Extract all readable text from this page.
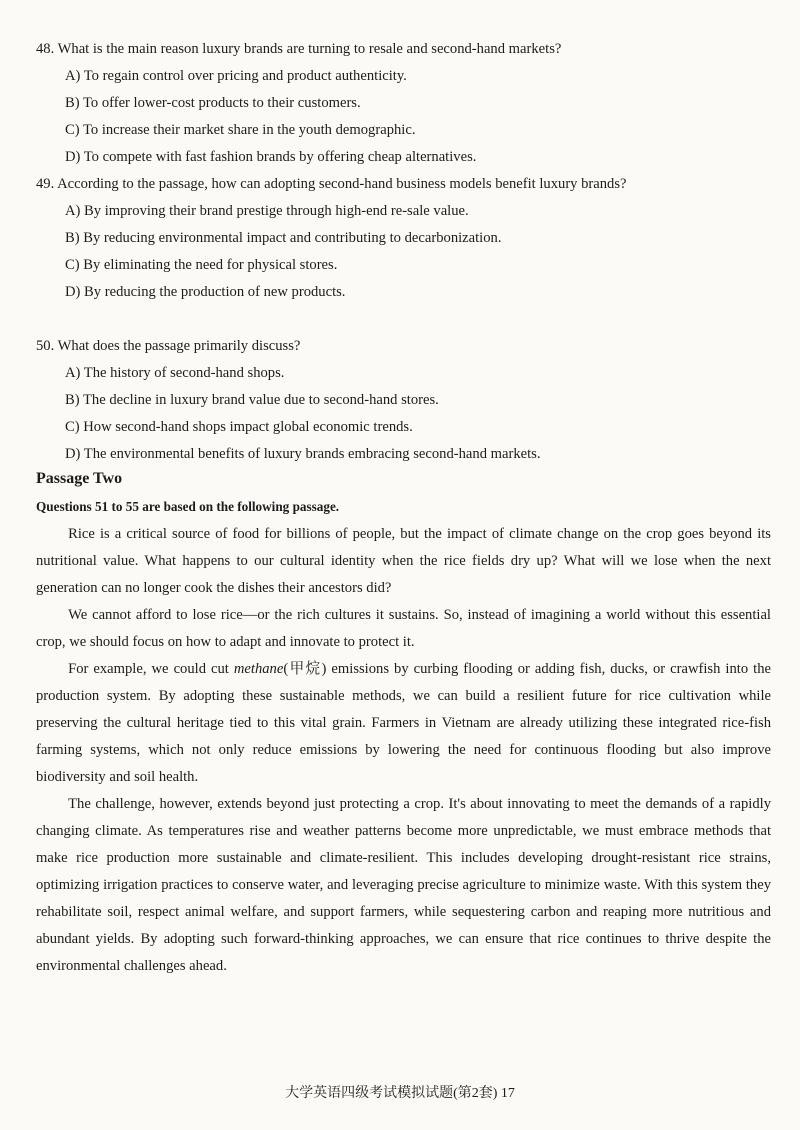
48. What is the main reason luxury brands are turning to resale and second-hand markets?
A) To regain control over pricing and product authenticity.
B) To offer lower-cost products to their customers.
C) To increase their market share in the youth demographic.
D) To compete with fast fashion brands by offering cheap alternatives.
49. According to the passage, how can adopting second-hand business models benefit luxury brands?
A) By improving their brand prestige through high-end re-sale value.
B) By reducing environmental impact and contributing to decarbonization.
C) By eliminating the need for physical stores.
D) By reducing the production of new products.
50. What does the passage primarily discuss?
A) The history of second-hand shops.
B) The decline in luxury brand value due to second-hand stores.
C) How second-hand shops impact global economic trends.
D) The environmental benefits of luxury brands embracing second-hand markets.
Passage Two
Questions 51 to 55 are based on the following passage.

Rice is a critical source of food for billions of people, but the impact of climate change on the crop goes beyond its nutritional value. What happens to our cultural identity when the rice fields dry up? What will we lose when the next generation can no longer cook the dishes their ancestors did?

We cannot afford to lose rice—or the rich cultures it sustains. So, instead of imagining a world without this essential crop, we should focus on how to adapt and innovate to protect it.

For example, we could cut methane(甲烷) emissions by curbing flooding or adding fish, ducks, or crawfish into the production system. By adopting these sustainable methods, we can build a resilient future for rice cultivation while preserving the cultural heritage tied to this vital grain. Farmers in Vietnam are already utilizing these integrated rice-fish farming systems, which not only reduce emissions by lowering the need for continuous flooding but also improve biodiversity and soil health.

The challenge, however, extends beyond just protecting a crop. It's about innovating to meet the demands of a rapidly changing climate. As temperatures rise and weather patterns become more unpredictable, we must embrace methods that make rice production more sustainable and climate-resilient. This includes developing drought-resistant rice strains, optimizing irrigation practices to conserve water, and leveraging precise agriculture to minimize waste. With this system they rehabilitate soil, respect animal welfare, and support farmers, while sequestering carbon and reaping more nutritious and abundant yields. By adopting such forward-thinking approaches, we can ensure that rice continues to thrive despite the environmental challenges ahead.

大学英语四级考试模拟试题(第2套) 17
